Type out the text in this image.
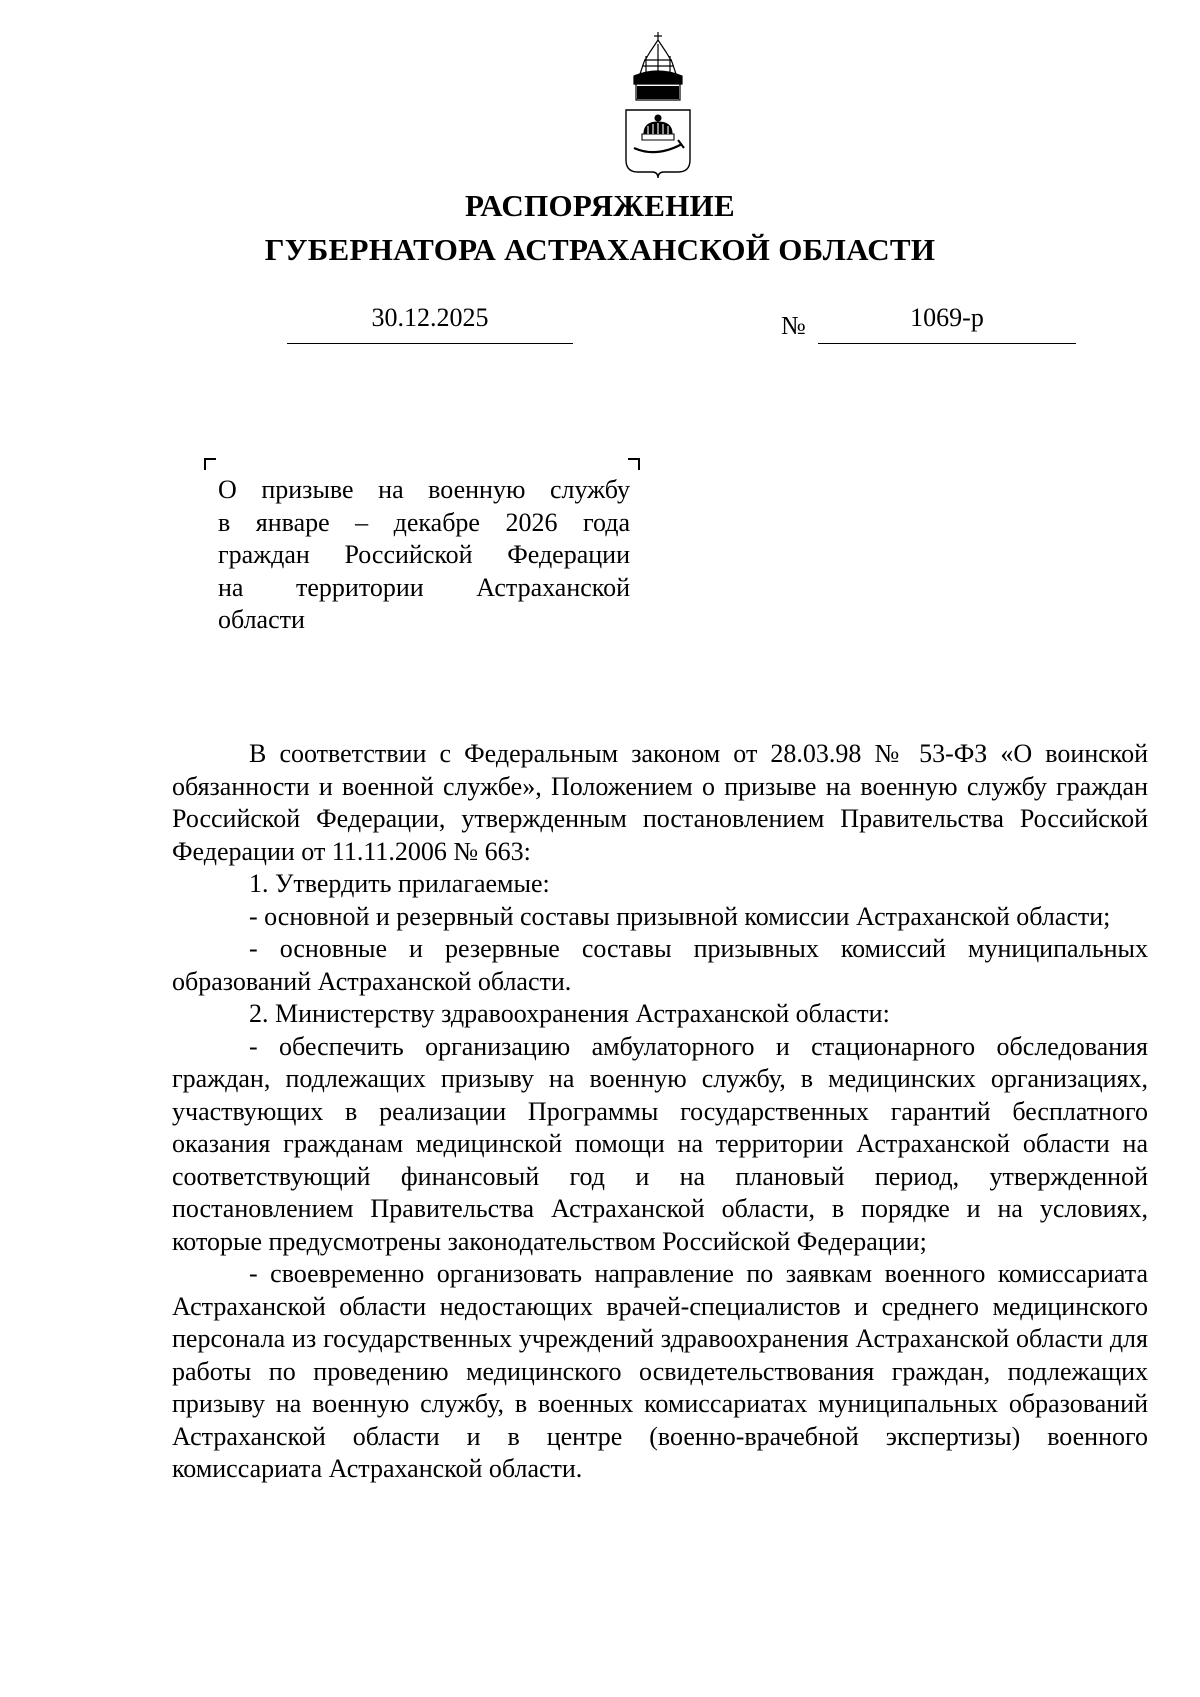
РАСПОРЯЖЕНИЕ
ГУБЕРНАТОРА АСТРАХАНСКОЙ ОБЛАСТИ
30.12.2025	№	1069-р
О призыве на военную службу
в январе – декабре 2026 года
граждан Российской Федерации
на территории Астраханской
области

В соответствии с Федеральным законом от 28.03.98 № 53-ФЗ «О воинской обязанности и военной службе», Положением о призыве на военную службу граждан Российской Федерации, утвержденным постановлением Правительства Российской Федерации от 11.11.2006 № 663:

1. Утвердить прилагаемые:

- основной и резервный составы призывной комиссии Астраханской области;

- основные и резервные составы призывных комиссий муниципальных образований Астраханской области.

2. Министерству здравоохранения Астраханской области:

- обеспечить организацию амбулаторного и стационарного обследования граждан, подлежащих призыву на военную службу, в медицинских организациях, участвующих в реализации Программы государственных гарантий бесплатного оказания гражданам медицинской помощи на территории Астраханской области на соответствующий финансовый год и на плановый период, утвержденной постановлением Правительства Астраханской области, в порядке и на условиях, которые предусмотрены законодательством Российской Федерации;

- своевременно организовать направление по заявкам военного комиссариата Астраханской области недостающих врачей-специалистов и среднего медицинского персонала из государственных учреждений здравоохранения Астраханской области для работы по проведению медицинского освидетельствования граждан, подлежащих призыву на военную службу, в военных комиссариатах муниципальных образований Астраханской области и в центре (военно-врачебной экспертизы) военного комиссариата Астраханской области.
